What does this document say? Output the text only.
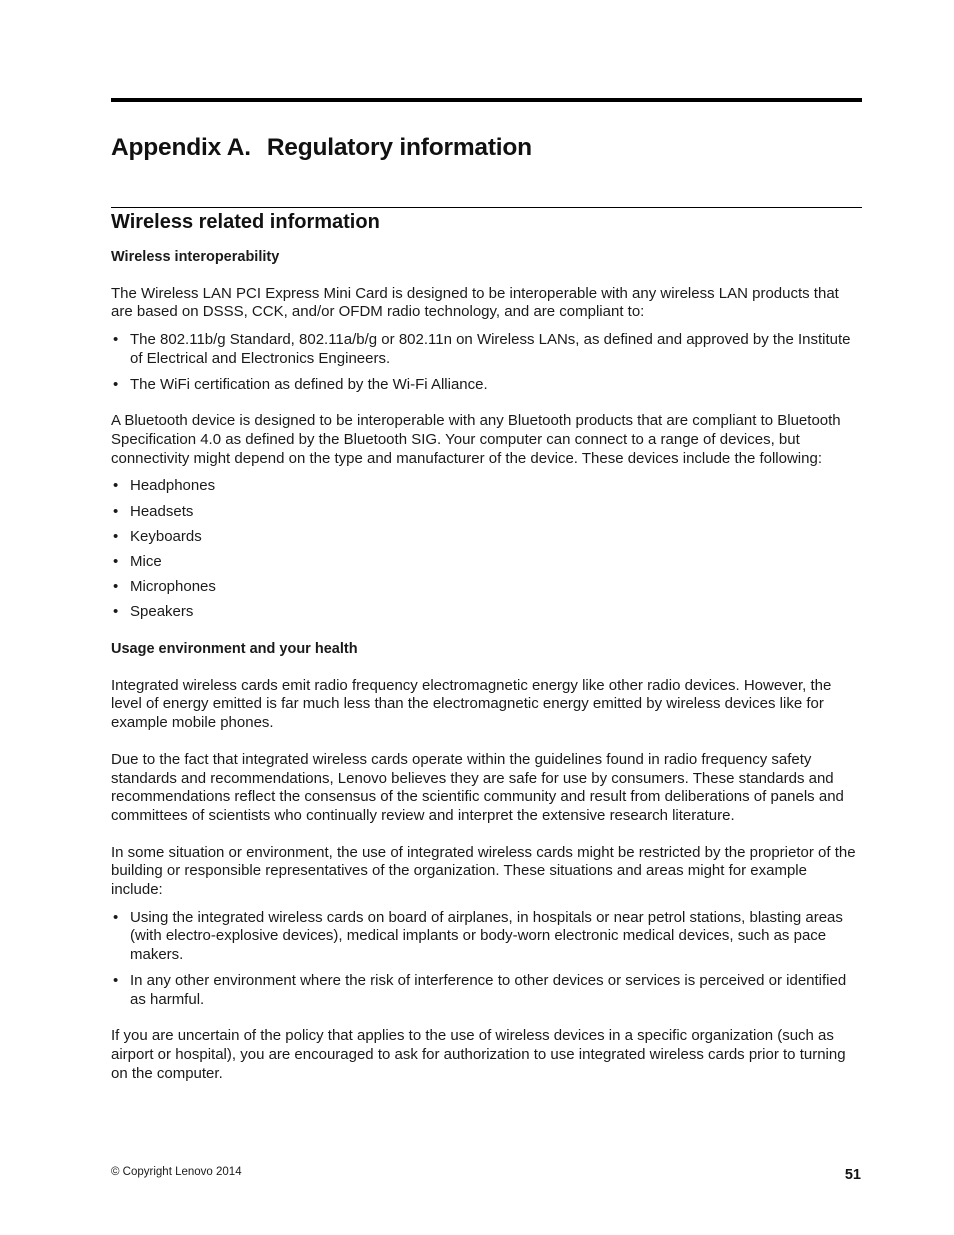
Appendix A. Regulatory information
Wireless related information

Wireless interoperability

The Wireless LAN PCI Express Mini Card is designed to be interoperable with any wireless LAN products that are based on DSSS, CCK, and/or OFDM radio technology, and are compliant to:

• The 802.11b/g Standard, 802.11a/b/g or 802.11n on Wireless LANs, as defined and approved by the Institute of Electrical and Electronics Engineers.
• The WiFi certification as defined by the Wi-Fi Alliance.

A Bluetooth device is designed to be interoperable with any Bluetooth products that are compliant to Bluetooth Specification 4.0 as defined by the Bluetooth SIG. Your computer can connect to a range of devices, but connectivity might depend on the type and manufacturer of the device. These devices include the following:

• Headphones
• Headsets
• Keyboards
• Mice
• Microphones
• Speakers

Usage environment and your health

Integrated wireless cards emit radio frequency electromagnetic energy like other radio devices. However, the level of energy emitted is far much less than the electromagnetic energy emitted by wireless devices like for example mobile phones.

Due to the fact that integrated wireless cards operate within the guidelines found in radio frequency safety standards and recommendations, Lenovo believes they are safe for use by consumers. These standards and recommendations reflect the consensus of the scientific community and result from deliberations of panels and committees of scientists who continually review and interpret the extensive research literature.

In some situation or environment, the use of integrated wireless cards might be restricted by the proprietor of the building or responsible representatives of the organization. These situations and areas might for example include:

• Using the integrated wireless cards on board of airplanes, in hospitals or near petrol stations, blasting areas (with electro-explosive devices), medical implants or body-worn electronic medical devices, such as pace makers.
• In any other environment where the risk of interference to other devices or services is perceived or identified as harmful.

If you are uncertain of the policy that applies to the use of wireless devices in a specific organization (such as airport or hospital), you are encouraged to ask for authorization to use integrated wireless cards prior to turning on the computer.

© Copyright Lenovo 2014	51
